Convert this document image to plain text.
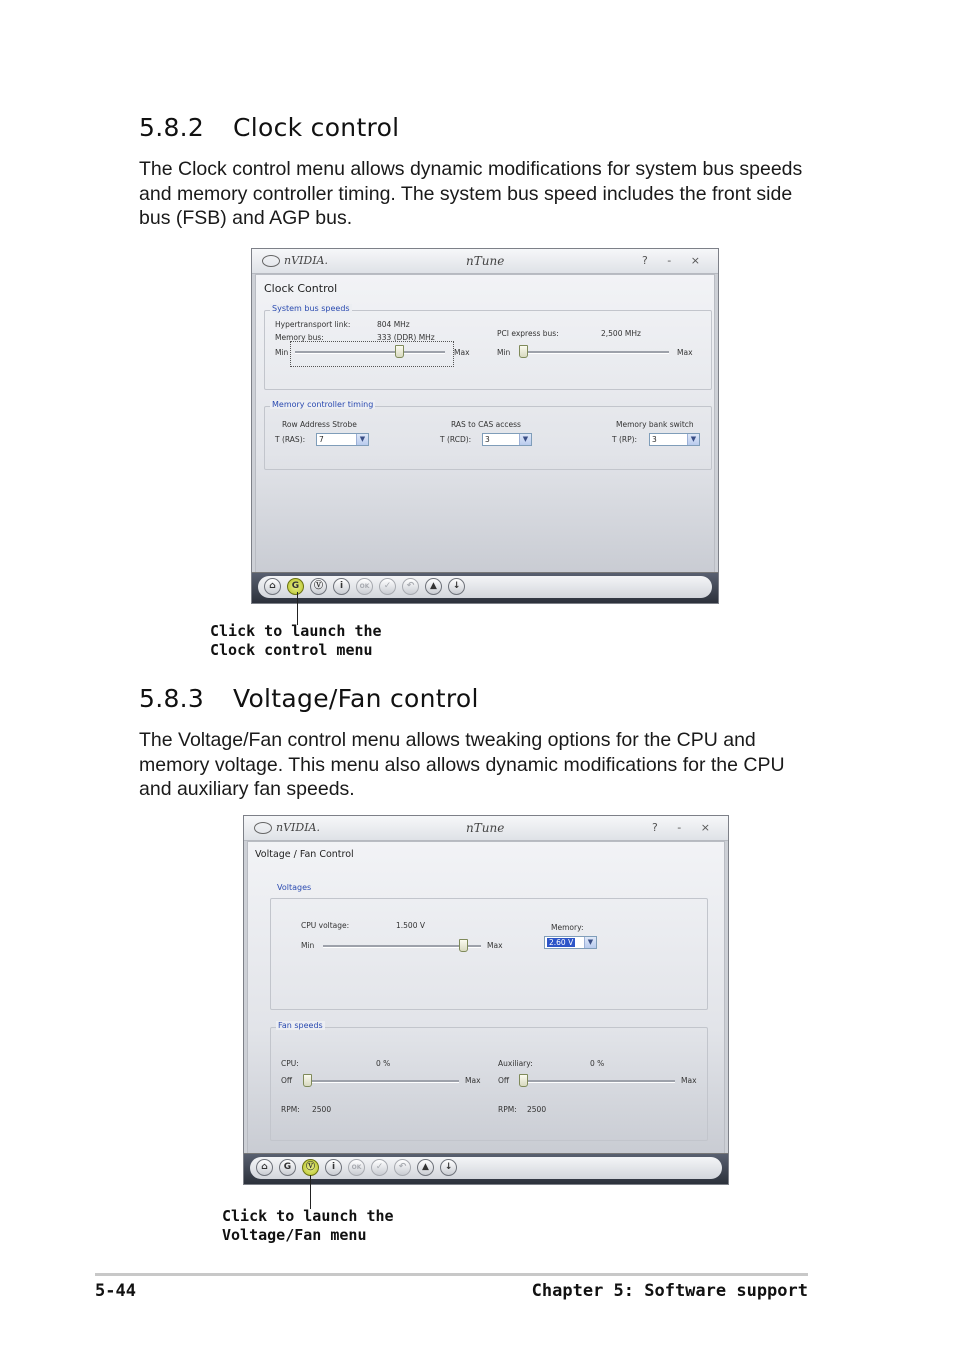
5.8.2 Clock control
The Clock control menu allows dynamic modifications for system bus speeds and memory controller timing. The system bus speed includes the front side bus (FSB) and AGP bus.
nVIDIA.	nTune	? - ×
Clock Control
System bus speeds
Hypertransport link:	804 MHz
Memory bus:	333 (DDR) MHz
Min	Max
PCI express bus:	2,500 MHz
Min	Max
Memory controller timing
Row Address Strobe
T (RAS):	7	▼
RAS to CAS access
T (RCD):	3	▼
Memory bank switch
T (RP):	3	▼
⌂	G	Ⓥ	i	OK	✓	↶	▲	↓
Click to launch the
Clock control menu
5.8.3 Voltage/Fan control
The Voltage/Fan control menu allows tweaking options for the CPU and memory voltage. This menu also allows dynamic modifications for the CPU and auxiliary fan speeds.
nVIDIA.	nTune	? - ×
Voltage / Fan Control
Voltages
CPU voltage:	1.500 V
Min	Max
Memory:
2.60 V	▼
Fan speeds
CPU:	0 %
Off	Max
RPM: 2500
Auxiliary:	0 %
Off	Max
RPM: 2500
⌂	G	Ⓥ	i	OK	✓	↶	▲	↓
Click to launch the
Voltage/Fan menu
5-44	Chapter 5: Software support
